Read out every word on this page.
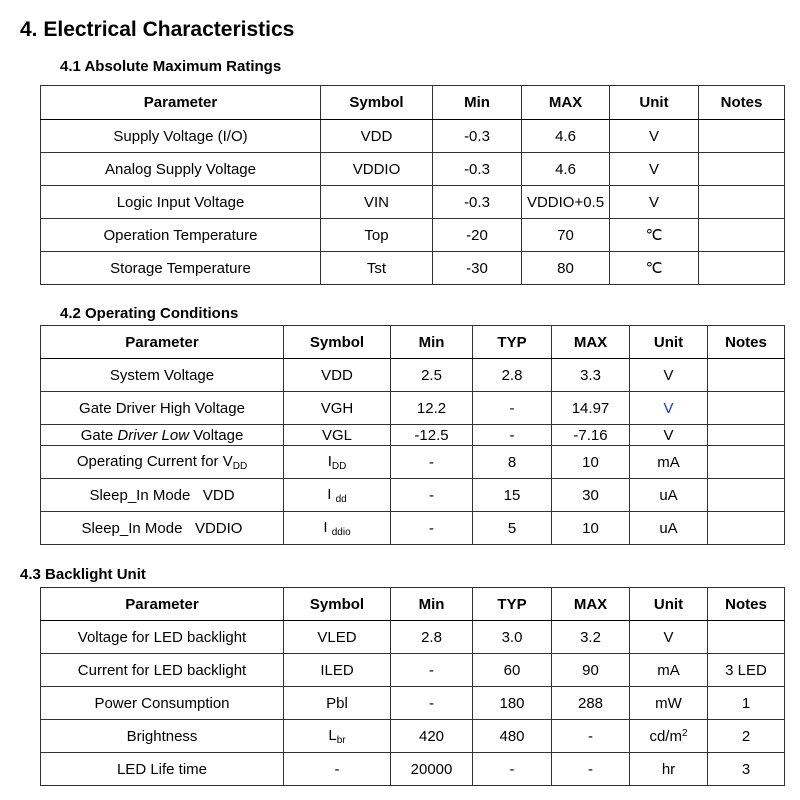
4. Electrical Characteristics
4.1 Absolute Maximum Ratings
Parameter	Symbol	Min	MAX	Unit	Notes
Supply Voltage (I/O)	VDD	-0.3	4.6	V	
Analog Supply Voltage	VDDIO	-0.3	4.6	V	
Logic Input Voltage	VIN	-0.3	VDDIO+0.5	V	
Operation Temperature	Top	-20	70	℃	
Storage Temperature	Tst	-30	80	℃	
4.2 Operating Conditions
Parameter	Symbol	Min	TYP	MAX	Unit	Notes
System Voltage	VDD	2.5	2.8	3.3	V	
Gate Driver High Voltage	VGH	12.2	-	14.97	V	
Gate Driver Low Voltage	VGL	-12.5	-	-7.16	V	
Operating Current for $V_{DD}$	$I_{DD}$	-	8	10	mA	
Sleep_In Mode   VDD	I $_{dd}$	-	15	30	uA	
Sleep_In Mode   VDDIO	I $_{ddio}$	-	5	10	uA	
4.3 Backlight Unit
Parameter	Symbol	Min	TYP	MAX	Unit	Notes
Voltage for LED backlight	VLED	2.8	3.0	3.2	V	
Current for LED backlight	ILED	-	60	90	mA	3 LED
Power Consumption	Pbl	-	180	288	mW	1
Brightness	$L_{br}$	420	480	-	$cd/m^2$	2
LED Life time	-	20000	-	-	hr	3
